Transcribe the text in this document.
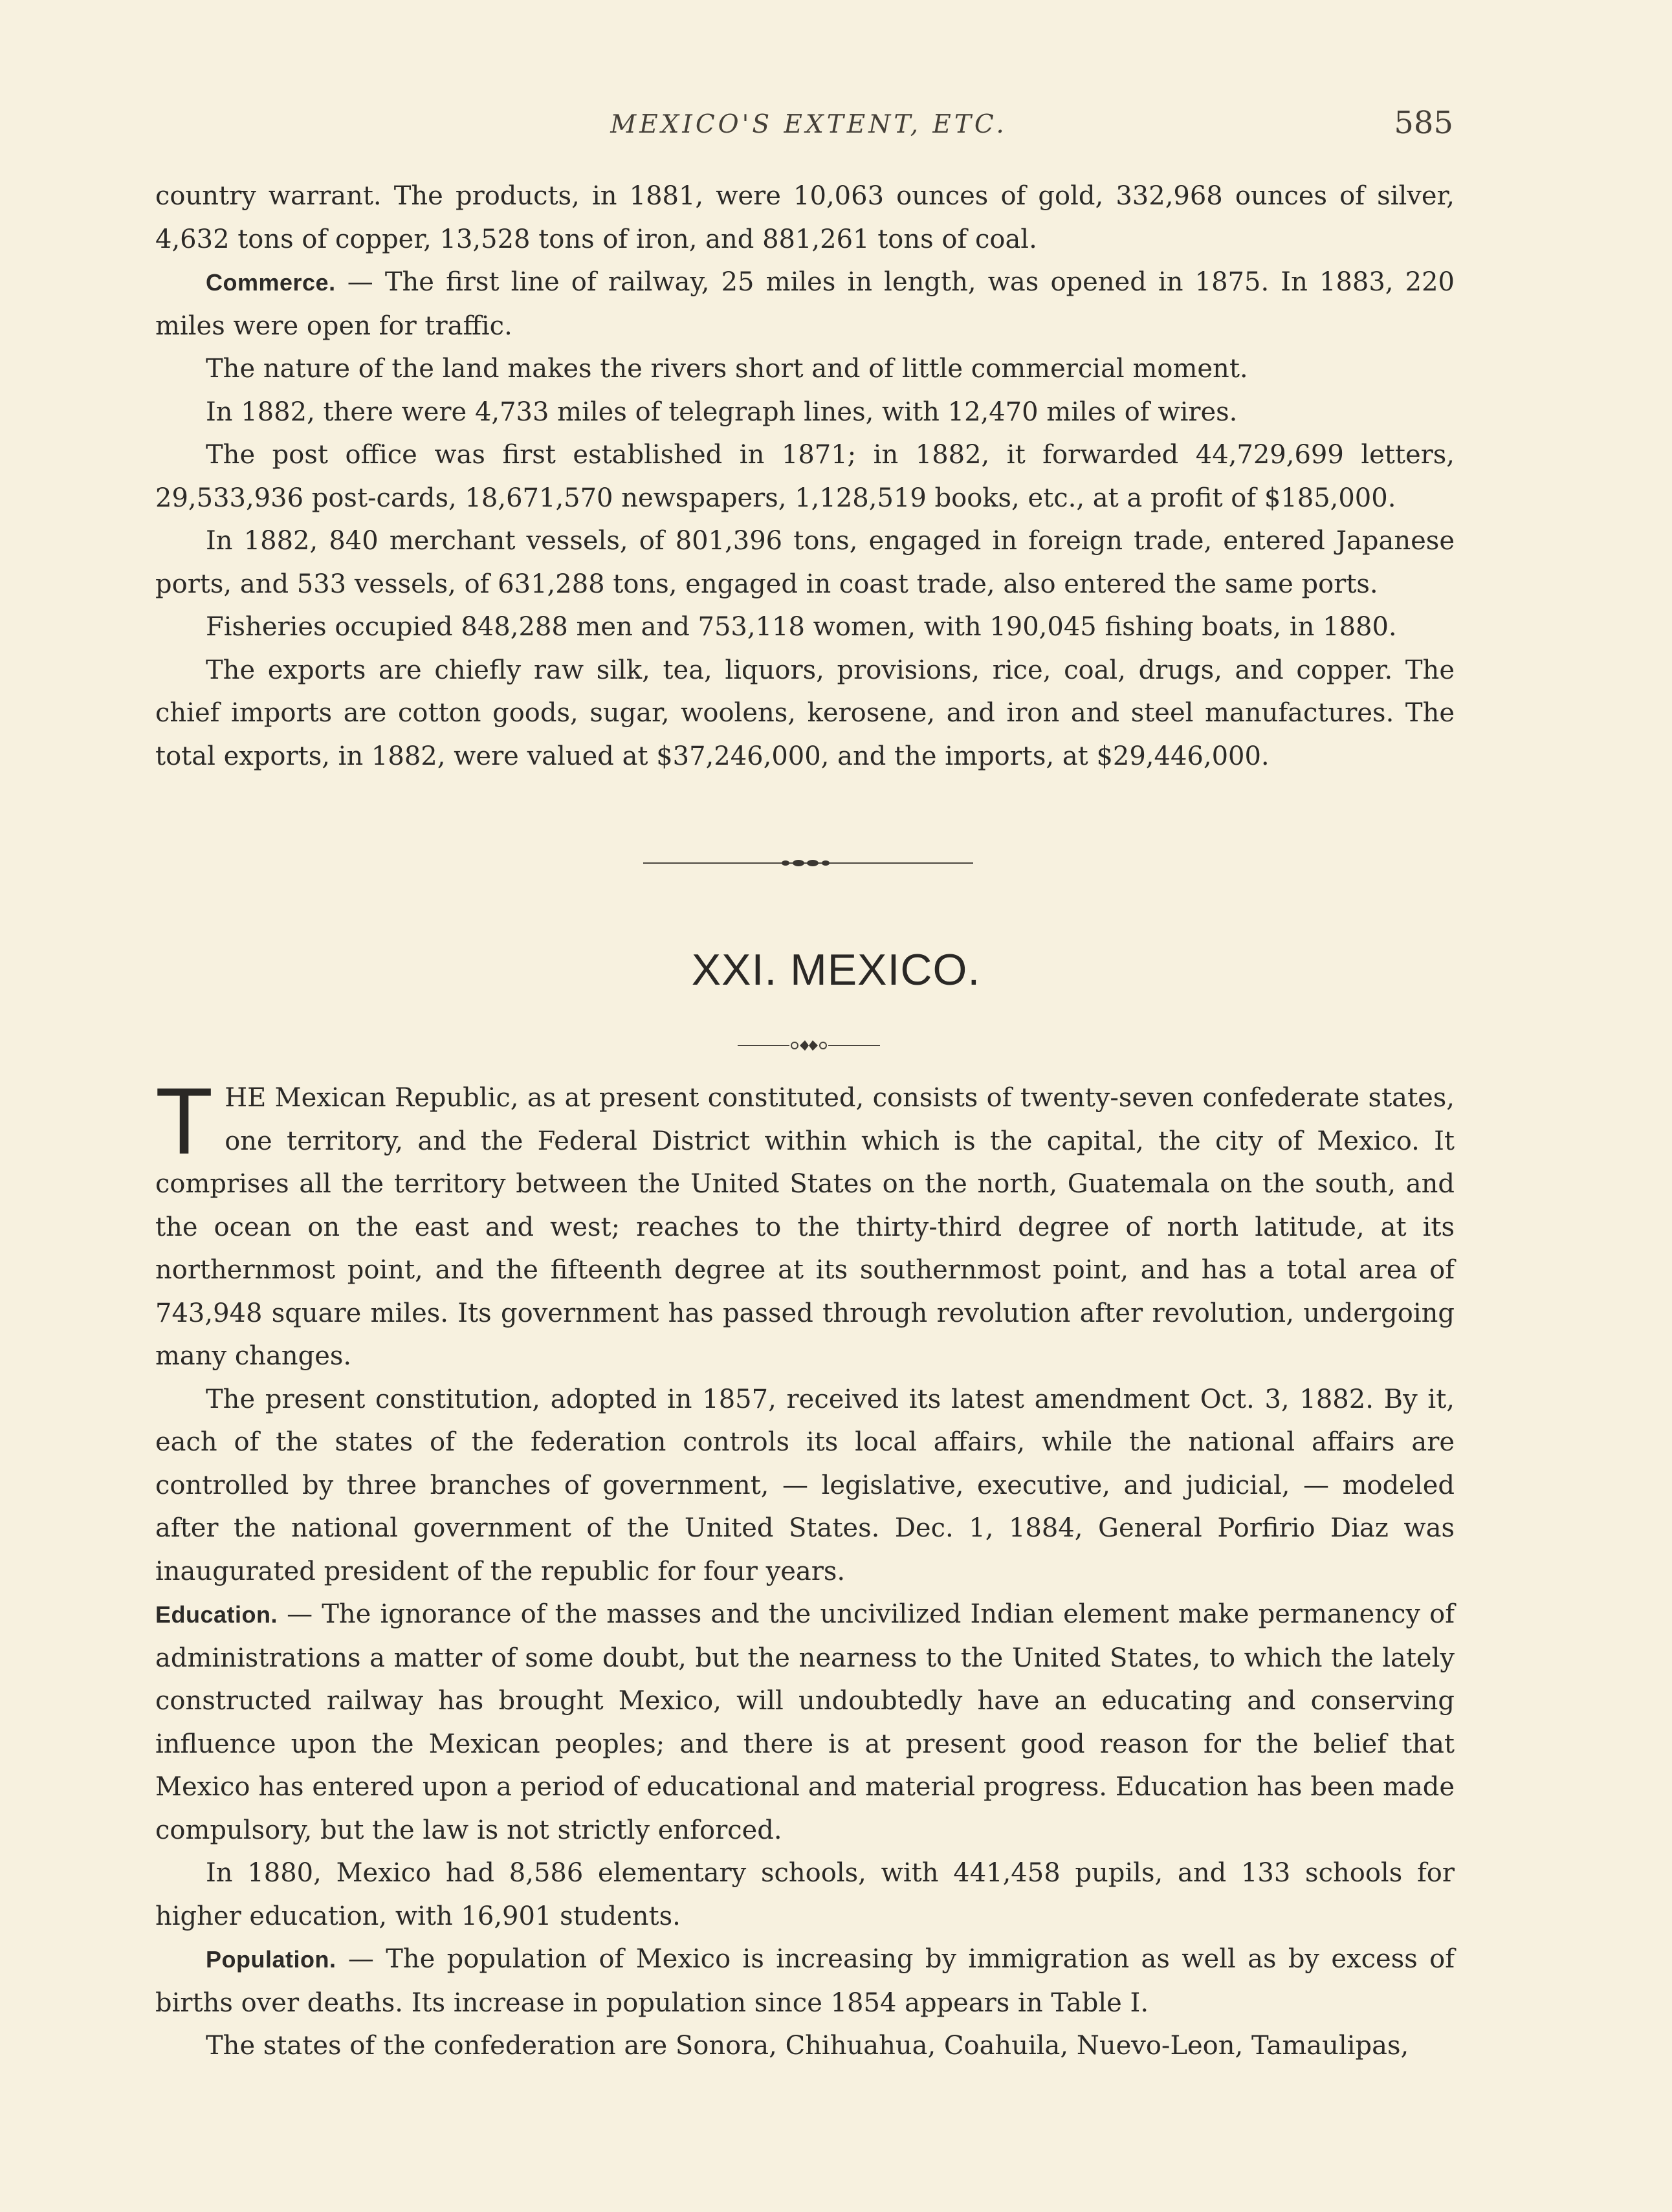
MEXICO'S EXTENT, ETC.	585

country warrant. The products, in 1881, were 10,063 ounces of gold, 332,968 ounces of silver, 4,632 tons of copper, 13,528 tons of iron, and 881,261 tons of coal.

Commerce. — The first line of railway, 25 miles in length, was opened in 1875. In 1883, 220 miles were open for traffic.

The nature of the land makes the rivers short and of little commercial moment.

In 1882, there were 4,733 miles of telegraph lines, with 12,470 miles of wires.

The post office was first established in 1871; in 1882, it forwarded 44,729,699 letters, 29,533,936 post-cards, 18,671,570 newspapers, 1,128,519 books, etc., at a profit of $185,000.

In 1882, 840 merchant vessels, of 801,396 tons, engaged in foreign trade, entered Japanese ports, and 533 vessels, of 631,288 tons, engaged in coast trade, also entered the same ports.

Fisheries occupied 848,288 men and 753,118 women, with 190,045 fishing boats, in 1880.

The exports are chiefly raw silk, tea, liquors, provisions, rice, coal, drugs, and copper. The chief imports are cotton goods, sugar, woolens, kerosene, and iron and steel manufactures. The total exports, in 1882, were valued at $37,246,000, and the imports, at $29,446,000.

XXI. MEXICO.

THE Mexican Republic, as at present constituted, consists of twenty-seven confederate states, one territory, and the Federal District within which is the capital, the city of Mexico. It comprises all the territory between the United States on the north, Guatemala on the south, and the ocean on the east and west; reaches to the thirty-third degree of north latitude, at its northernmost point, and the fifteenth degree at its southernmost point, and has a total area of 743,948 square miles. Its government has passed through revolution after revolution, undergoing many changes.

The present constitution, adopted in 1857, received its latest amendment Oct. 3, 1882. By it, each of the states of the federation controls its local affairs, while the national affairs are controlled by three branches of government, — legislative, executive, and judicial, — modeled after the national government of the United States. Dec. 1, 1884, General Porfirio Diaz was inaugurated president of the republic for four years.

Education. — The ignorance of the masses and the uncivilized Indian element make permanency of administrations a matter of some doubt, but the nearness to the United States, to which the lately constructed railway has brought Mexico, will undoubtedly have an educating and conserving influence upon the Mexican peoples; and there is at present good reason for the belief that Mexico has entered upon a period of educational and material progress. Education has been made compulsory, but the law is not strictly enforced.

In 1880, Mexico had 8,586 elementary schools, with 441,458 pupils, and 133 schools for higher education, with 16,901 students.

Population. — The population of Mexico is increasing by immigration as well as by excess of births over deaths. Its increase in population since 1854 appears in Table I.

The states of the confederation are Sonora, Chihuahua, Coahuila, Nuevo-Leon, Tamaulipas,
